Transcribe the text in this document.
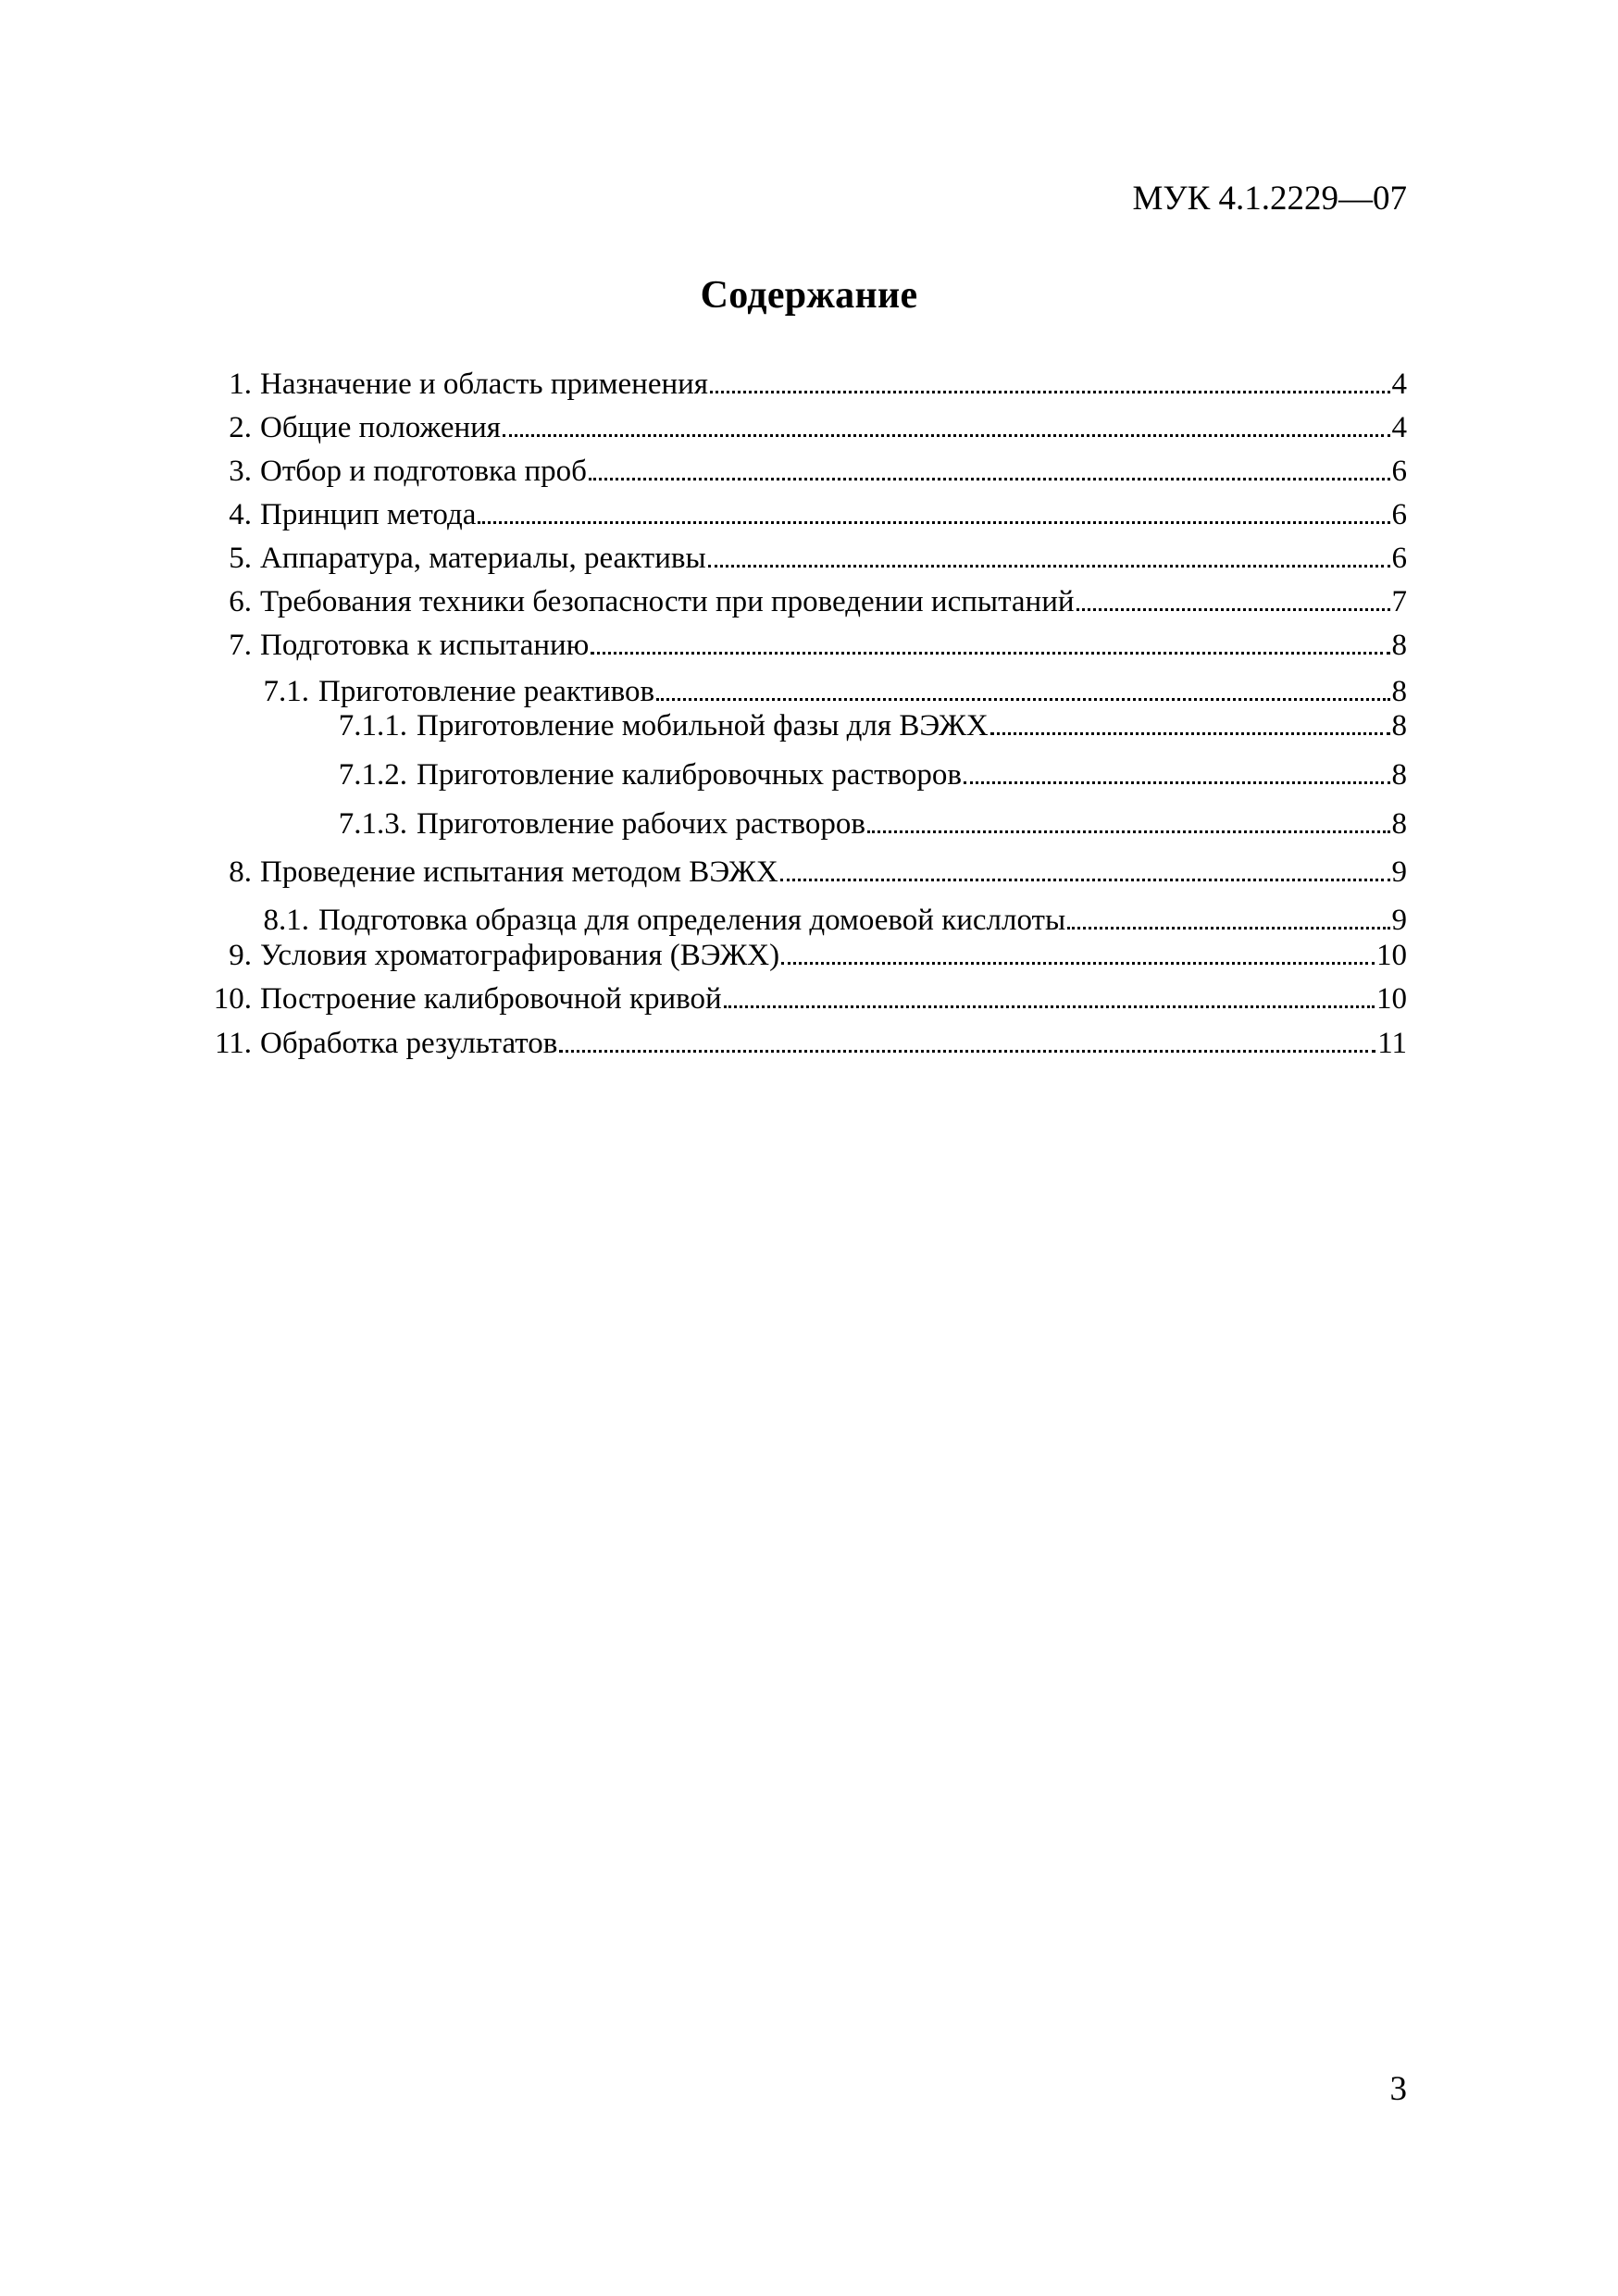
МУК 4.1.2229—07
Содержание
1. Назначение и область применения	4
2. Общие положения	4
3. Отбор и подготовка проб	6
4. Принцип метода	6
5. Аппаратура, материалы, реактивы	6
6. Требования техники безопасности при проведении испытаний	7
7. Подготовка к испытанию	8
7.1. Приготовление реактивов	8
7.1.1. Приготовление мобильной фазы для ВЭЖХ	8
7.1.2. Приготовление калибровочных растворов	8
7.1.3. Приготовление рабочих растворов	8
8. Проведение испытания методом ВЭЖХ	9
8.1. Подготовка образца для определения домоевой кисллоты	9
9. Условия хроматографирования (ВЭЖХ)	10
10. Построение калибровочной кривой	10
11. Обработка результатов	11
3
